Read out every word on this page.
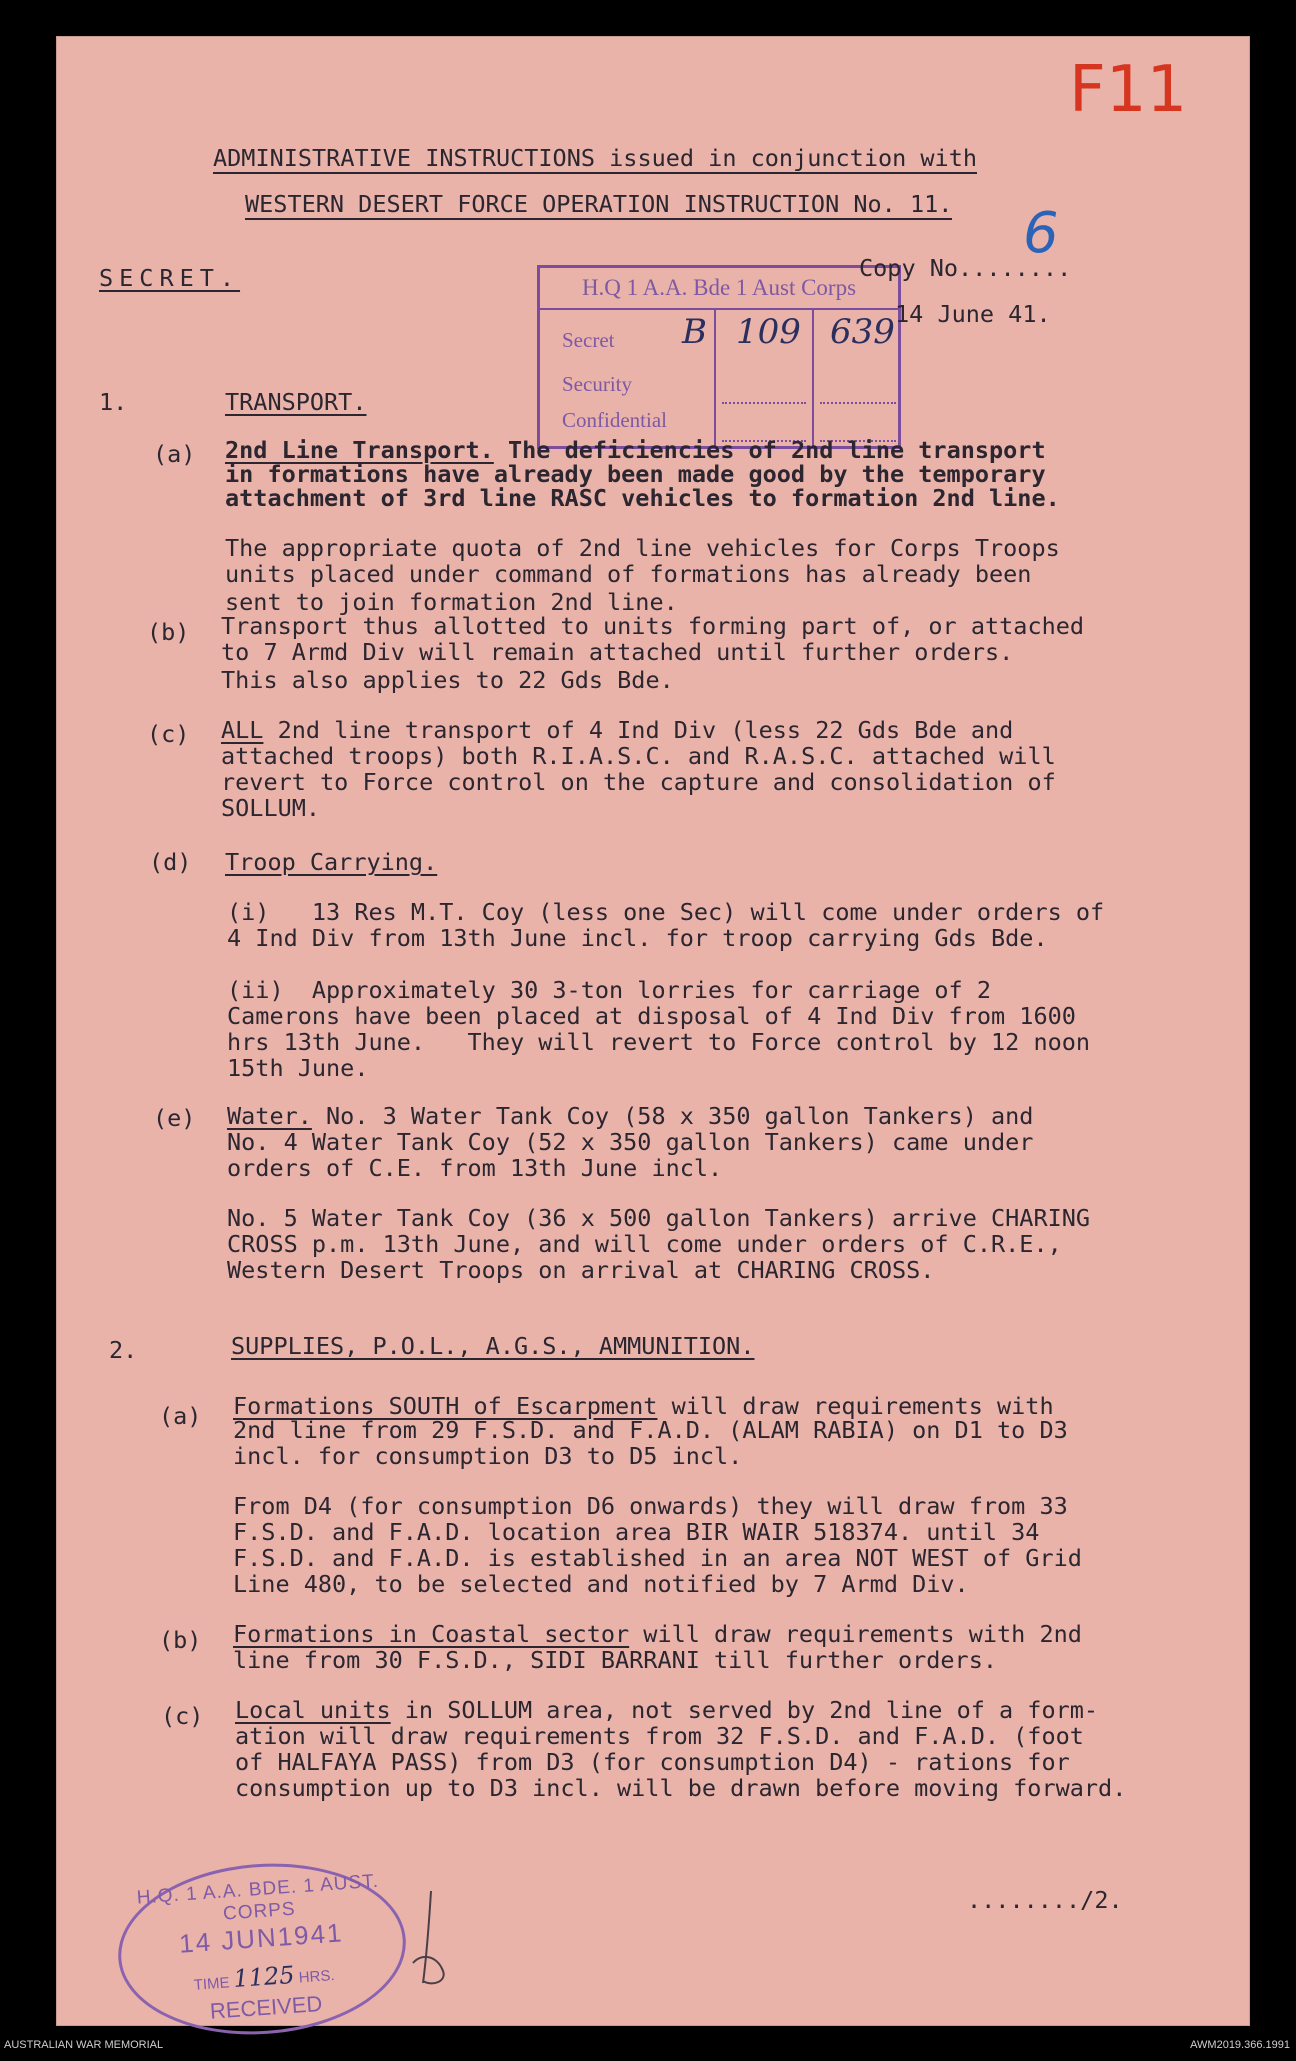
F11
ADMINISTRATIVE INSTRUCTIONS issued in conjunction with
WESTERN DESERT FORCE OPERATION INSTRUCTION No. 11.
SECRET.	H.Q 1 A.A. Bde 1 Aust Corps
Secret
Security
Confidential
B 109 639
Copy No........
6
14 June 41.
1.	TRANSPORT.
(a) 2nd Line Transport. The deficiencies of 2nd line transport
in formations have already been made good by the temporary
attachment of 3rd line RASC vehicles to formation 2nd line.
The appropriate quota of 2nd line vehicles for Corps Troops
units placed under command of formations has already been
sent to join formation 2nd line.
(b) Transport thus allotted to units forming part of, or attached
to 7 Armd Div will remain attached until further orders.
This also applies to 22 Gds Bde.
(c) ALL 2nd line transport of 4 Ind Div (less 22 Gds Bde and
attached troops) both R.I.A.S.C. and R.A.S.C. attached will
revert to Force control on the capture and consolidation of
SOLLUM.
(d) Troop Carrying.
(i)   13 Res M.T. Coy (less one Sec) will come under orders of
4 Ind Div from 13th June incl. for troop carrying Gds Bde.
(ii)  Approximately 30 3-ton lorries for carriage of 2
Camerons have been placed at disposal of 4 Ind Div from 1600
hrs 13th June.   They will revert to Force control by 12 noon
15th June.
(e) Water. No. 3 Water Tank Coy (58 x 350 gallon Tankers) and
No. 4 Water Tank Coy (52 x 350 gallon Tankers) came under
orders of C.E. from 13th June incl.
No. 5 Water Tank Coy (36 x 500 gallon Tankers) arrive CHARING
CROSS p.m. 13th June, and will come under orders of C.R.E.,
Western Desert Troops on arrival at CHARING CROSS.
2.	SUPPLIES, P.O.L., A.G.S., AMMUNITION.
(a) Formations SOUTH of Escarpment will draw requirements with
2nd line from 29 F.S.D. and F.A.D. (ALAM RABIA) on D1 to D3
incl. for consumption D3 to D5 incl.
From D4 (for consumption D6 onwards) they will draw from 33
F.S.D. and F.A.D. location area BIR WAIR 518374. until 34
F.S.D. and F.A.D. is established in an area NOT WEST of Grid
Line 480, to be selected and notified by 7 Armd Div.
(b) Formations in Coastal sector will draw requirements with 2nd
line from 30 F.S.D., SIDI BARRANI till further orders.
(c) Local units in SOLLUM area, not served by 2nd line of a form-
ation will draw requirements from 32 F.S.D. and F.A.D. (foot
of HALFAYA PASS) from D3 (for consumption D4) - rations for
consumption up to D3 incl. will be drawn before moving forward.
......../2.
H.Q. 1 A.A. BDE. 1 AUST. CORPS
14 JUN1941
TIME 1125 HRS.
RECEIVED
AUSTRALIAN WAR MEMORIAL	AWM2019.366.1991
